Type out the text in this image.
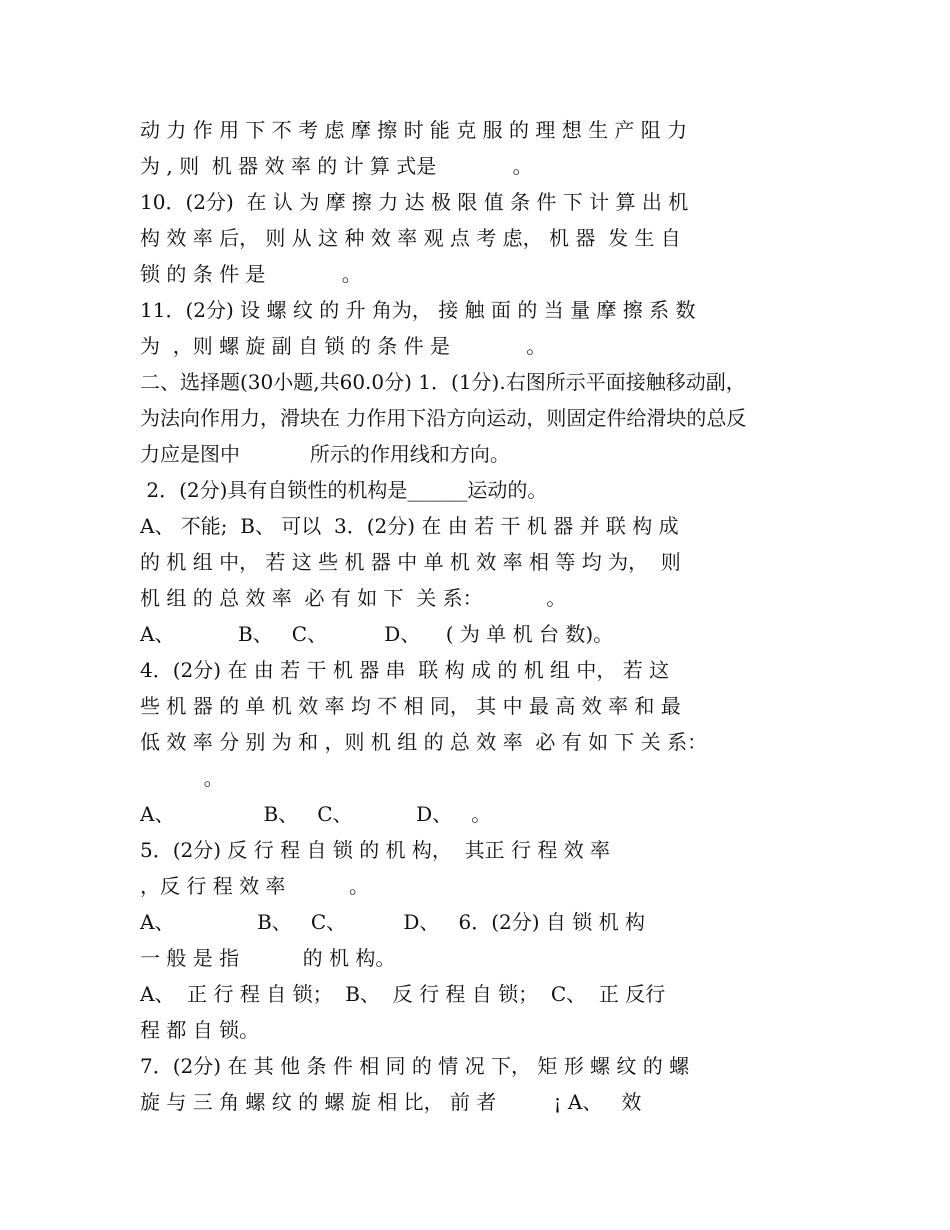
动 力 作 用 下 不 考 虑 摩 擦 时 能 克 服 的 理 想 生 产 阻 力
为 , 则  机 器 效 率 的 计 算 式是            。
10．(2分)  在 认 为 摩 擦 力 达 极 限 值 条 件 下 计 算 出 机
构 效 率 后， 则 从 这 种 效 率 观 点 考 虑， 机 器  发 生 自
锁 的 条 件 是            。
11．(2分) 设 螺 纹 的 升 角为， 接 触 面 的 当 量 摩 擦 系 数
为  ，则 螺 旋 副 自 锁 的 条 件 是            。
二、选择题(30小题,共60.0分) 1．(1分).右图所示平面接触移动副，
为法向作用力，滑块在 力作用下沿方向运动，则固定件给滑块的总反
力应是图中           所示的作用线和方向。
2．(2分)具有自锁性的机构是______运动的。
A、 不能;  B、 可以  3．(2分) 在 由 若 干 机 器 并 联 构 成
的 机 组 中， 若 这 些 机 器 中 单 机 效 率 相 等 均 为，  则
机 组 的 总 效 率  必 有 如 下  关 系：          。
A、          B、   C、         D、    ( 为 单 机 台 数)。
4．(2分) 在 由 若 干 机 器 串  联 构 成 的 机 组 中， 若 这
些 机 器 的 单 机 效 率 均 不 相 同， 其 中 最 高 效 率 和 最
低 效 率 分 别 为 和 ，则 机 组 的 总 效 率  必 有 如 下 关 系：
。
A、              B、   C、          D、   。
5．(2分) 反 行 程 自 锁 的 机 构，  其正 行 程 效 率
，反 行 程 效 率          。
A、             B、   C、         D、   6．(2分) 自 锁 机 构
一 般 是 指          的 机 构。
A、  正 行 程 自 锁；  B、  反 行 程 自 锁；  C、  正 反行
程 都 自 锁。
7．(2分) 在 其 他 条 件 相 同 的 情 况 下， 矩 形 螺 纹 的 螺
旋 与 三 角 螺 纹 的 螺 旋 相 比， 前 者         ¡ A、   效
